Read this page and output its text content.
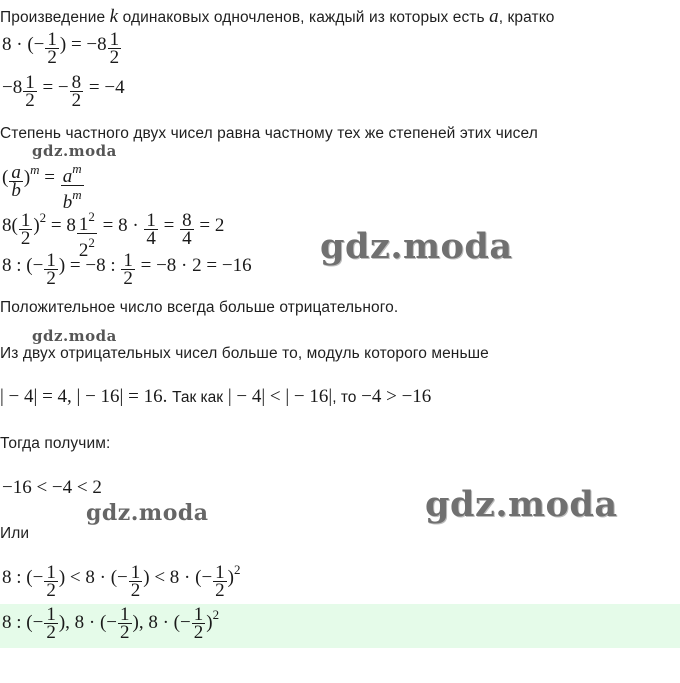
Произведение k одинаковых одночленов, каждый из которых есть a, кратко
8 · (− $\frac{1}{2}$ ) = $-8 \frac{1}{2}$
$-8 \frac{1}{2}$ = − $\frac{8}{2} = -4$
Степень частного двух чисел равна частному тех же степеней этих чисел
gdz.moda
( $\frac{a}{b} )^m = \frac{a^m}{b^m}$
$8( \frac{1}{2} )^2 = 8 \frac{1^2}{2^2} = 8 \cdot \frac{1}{4} = \frac{8}{4} = 2$
gdz.moda
8 : (− $\frac{1}{2}$ ) = −8 : $\frac{1}{2} = -8 \cdot 2 = -16$
Положительное число всегда больше отрицательного.
gdz.moda
Из двух отрицательных чисел больше то, модуль которого меньше
| − 4| = 4, | − 16| = 16. Так как | − 4| < | − 16|, то −4 > −16
Тогда получим:
−16 < −4 < 2	gdz.moda
gdz.moda
Или
8 : (− $\frac{1}{2}$ ) < 8 · (− $\frac{1}{2}$ ) < 8 · (− $\frac{1}{2} )^2$
8 : (− $\frac{1}{2}$ ), 8 · (− $\frac{1}{2}$ ), 8 · (− $\frac{1}{2} )^2$
